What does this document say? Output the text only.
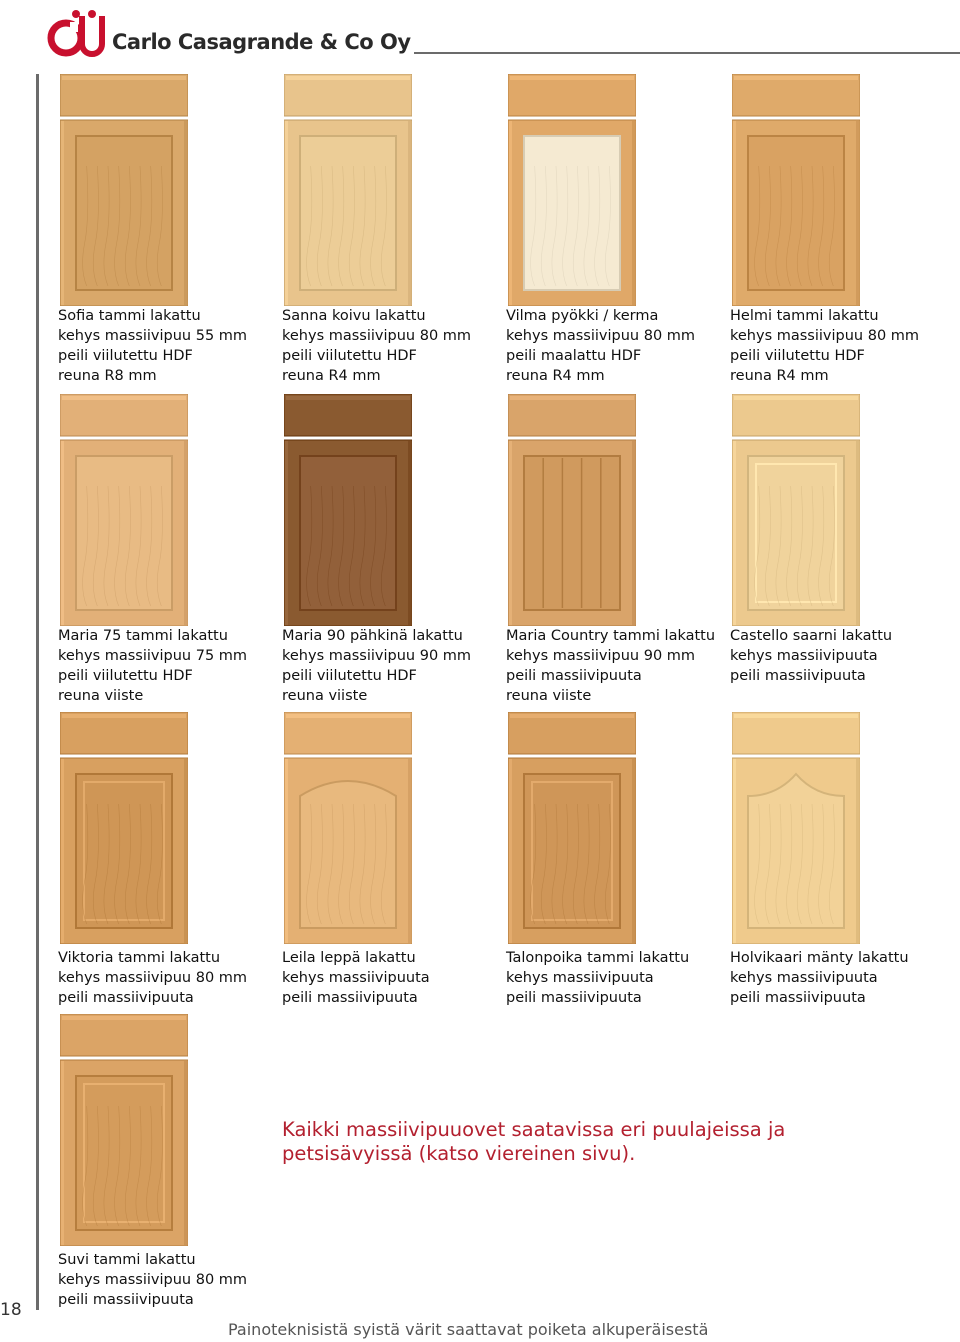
Carlo Casagrande & Co Oy
Sofia tammi lakattu
kehys massiivipuu 55 mm
peili viilutettu HDF
reuna R8 mm
Sanna koivu lakattu
kehys massiivipuu 80 mm
peili viilutettu HDF
reuna R4 mm
Vilma pyökki / kerma
kehys massiivipuu 80 mm
peili maalattu HDF
reuna R4 mm
Helmi tammi lakattu
kehys massiivipuu 80 mm
peili viilutettu HDF
reuna R4 mm
Maria 75 tammi lakattu
kehys massiivipuu 75 mm
peili viilutettu HDF
reuna viiste
Maria 90 pähkinä lakattu
kehys massiivipuu 90 mm
peili viilutettu HDF
reuna viiste
Maria Country tammi lakattu
kehys massiivipuu 90 mm
peili massiivipuuta
reuna viiste
Castello saarni lakattu
kehys massiivipuuta
peili massiivipuuta
Viktoria tammi lakattu
kehys massiivipuu 80 mm
peili massiivipuuta
Leila leppä lakattu
kehys massiivipuuta
peili massiivipuuta
Talonpoika tammi lakattu
kehys massiivipuuta
peili massiivipuuta
Holvikaari mänty lakattu
kehys massiivipuuta
peili massiivipuuta
Suvi tammi lakattu
kehys massiivipuu 80 mm
peili massiivipuuta
Kaikki massiivipuuovet saatavissa eri puulajeissa ja petsisävyissä (katso viereinen sivu).
18
Painoteknisistä syistä värit saattavat poiketa alkuperäisestä
